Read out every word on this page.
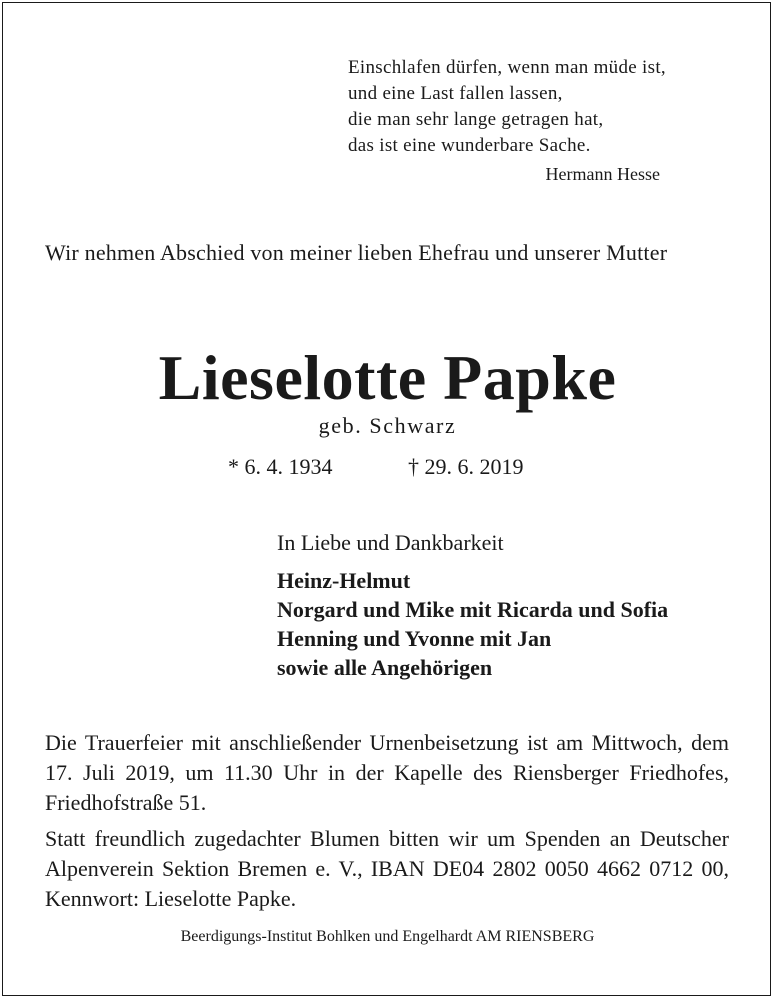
Einschlafen dürfen, wenn man müde ist,
und eine Last fallen lassen,
die man sehr lange getragen hat,
das ist eine wunderbare Sache.
Hermann Hesse
Wir nehmen Abschied von meiner lieben Ehefrau und unserer Mutter
Lieselotte Papke
geb. Schwarz
* 6. 4. 1934	† 29. 6. 2019
In Liebe und Dankbarkeit
Heinz-Helmut
Norgard und Mike mit Ricarda und Sofia
Henning und Yvonne mit Jan
sowie alle Angehörigen
Die Trauerfeier mit anschließender Urnenbeisetzung ist am Mittwoch, dem 17. Juli 2019, um 11.30 Uhr in der Kapelle des Riensberger Friedhofes, Friedhofstraße 51.
Statt freundlich zugedachter Blumen bitten wir um Spenden an Deutscher Alpenverein Sektion Bremen e. V., IBAN DE04 2802 0050 4662 0712 00, Kennwort: Lieselotte Papke.
Beerdigungs-Institut Bohlken und Engelhardt AM RIENSBERG
